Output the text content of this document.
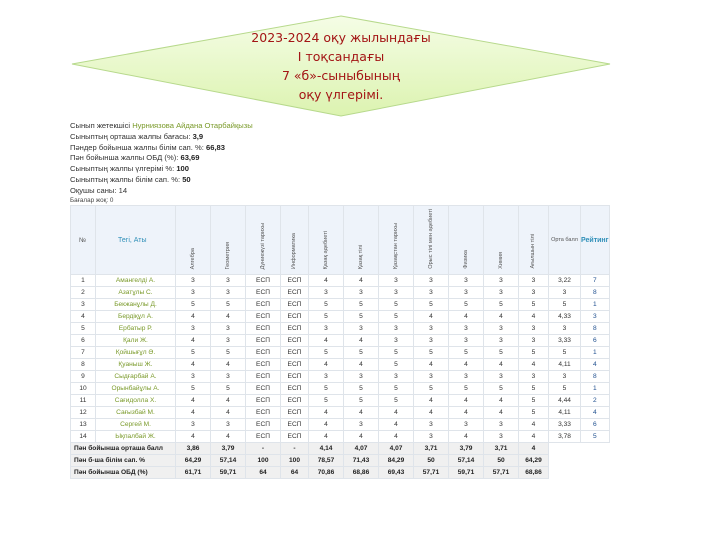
2023-2024 оқу жылындағы
І тоқсандағы
7 «б»-сыныбының
оқу үлгерімі.
Сынып жетекшісі Нурниязова Айдана Отарбайқызы
Сыныптың орташа жалпы бағасы: 3,9
Пәндер бойынша жалпы білім сап. %: 66,83
Пән бойынша жалпы ОБД (%): 63,69
Сыныптың жалпы үлгерімі %: 100
Сыныптың жалпы білім сап. %: 50
Оқушы саны: 14
Бағалар жоқ: 0
№	Тегі, Аты	Алгебра	Геометрия	Дүниежүзі тарихы	Информатика	Қазақ әдебиеті	Қазақ тілі	Қазақстан тарихы	Орыс тілі мен әдебиеті	Физика	Химия	Ағылшын тілі	Орта балл	Рейтинг
1	Амангелді А.	3	3	ЕСП	ЕСП	4	4	3	3	3	3	3	3,22	7
2	Азатұлы С.	3	3	ЕСП	ЕСП	3	3	3	3	3	3	3	3	8
3	Бекжанұлы Д.	5	5	ЕСП	ЕСП	5	5	5	5	5	5	5	5	1
4	Бердіқұл А.	4	4	ЕСП	ЕСП	5	5	5	4	4	4	4	4,33	3
5	Ербатыр Р.	3	3	ЕСП	ЕСП	3	3	3	3	3	3	3	3	8
6	Қали Ж.	4	3	ЕСП	ЕСП	4	4	3	3	3	3	3	3,33	6
7	Қойшығұл Ә.	5	5	ЕСП	ЕСП	5	5	5	5	5	5	5	5	1
8	Қуаныш Ж.	4	4	ЕСП	ЕСП	4	4	5	4	4	4	4	4,11	4
9	Сыдғарбай А.	3	3	ЕСП	ЕСП	3	3	3	3	3	3	3	3	8
10	Орынбайұлы А.	5	5	ЕСП	ЕСП	5	5	5	5	5	5	5	5	1
11	Сағидолла Х.	4	4	ЕСП	ЕСП	5	5	5	4	4	4	5	4,44	2
12	Сағызбай М.	4	4	ЕСП	ЕСП	4	4	4	4	4	4	5	4,11	4
13	Сергей М.	3	3	ЕСП	ЕСП	4	3	4	3	3	3	4	3,33	6
14	Ықпалбай Ж.	4	4	ЕСП	ЕСП	4	4	4	3	4	3	4	3,78	5
Пән бойынша орташа балл		3,86	3,79	-	-	4,14	4,07	4,07	3,71	3,79	3,71	4		
Пән б-ша білім сап. %		64,29	57,14	100	100	78,57	71,43	84,29	50	57,14	50	64,29		
Пән бойынша ОБД (%)		61,71	59,71	64	64	70,86	68,86	69,43	57,71	59,71	57,71	68,86		
